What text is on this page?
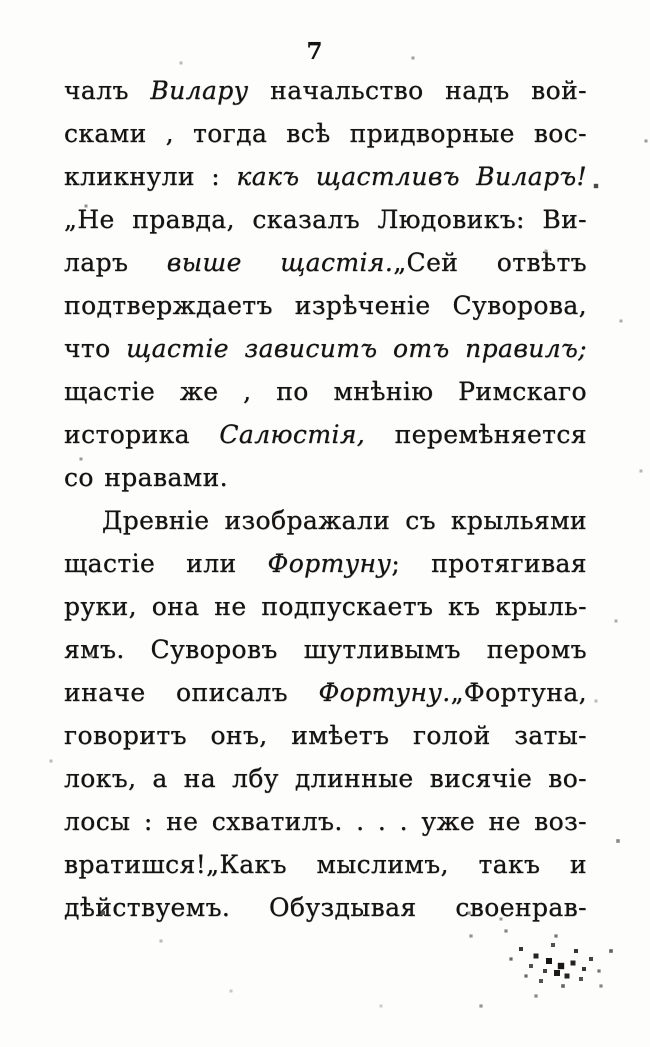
7

чалъ Вилару начальство надъ вой-

сками , тогда всѣ придворные вос-

кликнули : какъ щастливъ Виларъ!

„Не правда, сказалъ Людовикъ: Ви-

ларъ выше щастія.„Сей отвѣтъ

подтверждаетъ изрѣченіе Суворова,

что щастіе зависитъ отъ правилъ;

щастіе же , по мнѣнію Римскаго

историка Салюстія, перемѣняется

со нравами.

Древніе изображали съ крыльями

щастіе или Фортуну; протягивая

руки, она не подпускаетъ къ крыль-

ямъ. Суворовъ шутливымъ перомъ

иначе описалъ Фортуну.„Фортуна,

говоритъ онъ, имѣетъ голой заты-

локъ, а на лбу длинные висячіе во-

лосы : не схватилъ. . . . уже не воз-

вратишся!„Какъ мыслимъ, такъ и

дѣйствуемъ. Обуздывая своенрав-
